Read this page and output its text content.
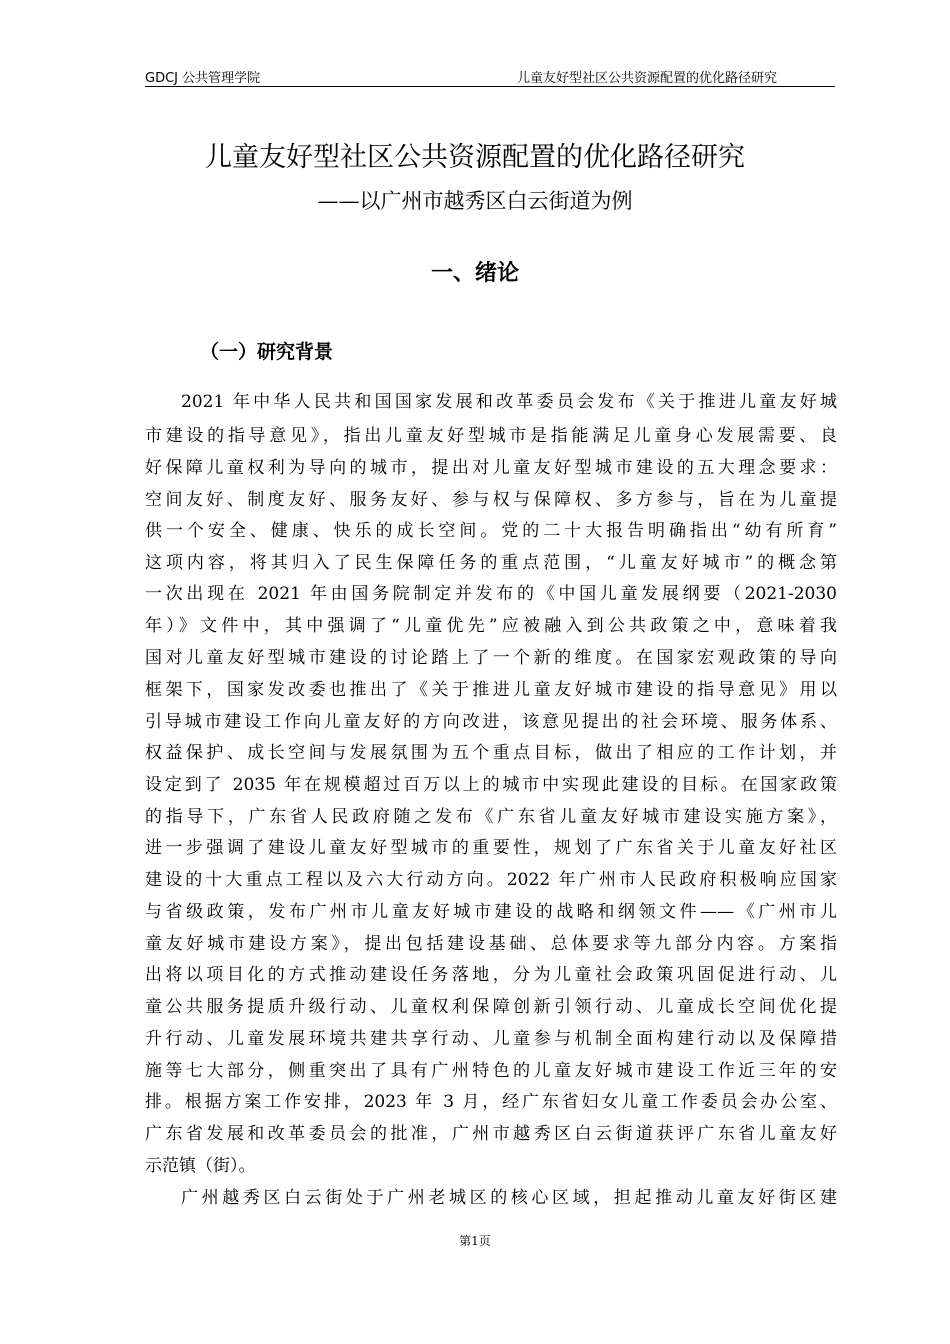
GDCJ 公共管理学院	儿童友好型社区公共资源配置的优化路径研究
儿童友好型社区公共资源配置的优化路径研究
——以广州市越秀区白云街道为例
一、绪论
（一）研究背景
2021 年中华人民共和国国家发展和改革委员会发布《关于推进儿童友好城
市建设的指导意见》，指出儿童友好型城市是指能满足儿童身心发展需要、良
好保障儿童权利为导向的城市，提出对儿童友好型城市建设的五大理念要求：
空间友好、制度友好、服务友好、参与权与保障权、多方参与，旨在为儿童提
供一个安全、健康、快乐的成长空间。党的二十大报告明确指出“幼有所育”
这项内容，将其归入了民生保障任务的重点范围，“儿童友好城市”的概念第
一次出现在 2021 年由国务院制定并发布的《中国儿童发展纲要（2021-2030
年）》文件中，其中强调了“儿童优先”应被融入到公共政策之中，意味着我
国对儿童友好型城市建设的讨论踏上了一个新的维度。在国家宏观政策的导向
框架下，国家发改委也推出了《关于推进儿童友好城市建设的指导意见》用以
引导城市建设工作向儿童友好的方向改进，该意见提出的社会环境、服务体系、
权益保护、成长空间与发展氛围为五个重点目标，做出了相应的工作计划，并
设定到了 2035 年在规模超过百万以上的城市中实现此建设的目标。在国家政策
的指导下，广东省人民政府随之发布《广东省儿童友好城市建设实施方案》，
进一步强调了建设儿童友好型城市的重要性，规划了广东省关于儿童友好社区
建设的十大重点工程以及六大行动方向。2022 年广州市人民政府积极响应国家
与省级政策，发布广州市儿童友好城市建设的战略和纲领文件——《广州市儿
童友好城市建设方案》，提出包括建设基础、总体要求等九部分内容。方案指
出将以项目化的方式推动建设任务落地，分为儿童社会政策巩固促进行动、儿
童公共服务提质升级行动、儿童权利保障创新引领行动、儿童成长空间优化提
升行动、儿童发展环境共建共享行动、儿童参与机制全面构建行动以及保障措
施等七大部分，侧重突出了具有广州特色的儿童友好城市建设工作近三年的安
排。根据方案工作安排，2023 年 3 月，经广东省妇女儿童工作委员会办公室、
广东省发展和改革委员会的批准，广州市越秀区白云街道获评广东省儿童友好
示范镇（街）。
广州越秀区白云街处于广州老城区的核心区域，担起推动儿童友好街区建
第1页
